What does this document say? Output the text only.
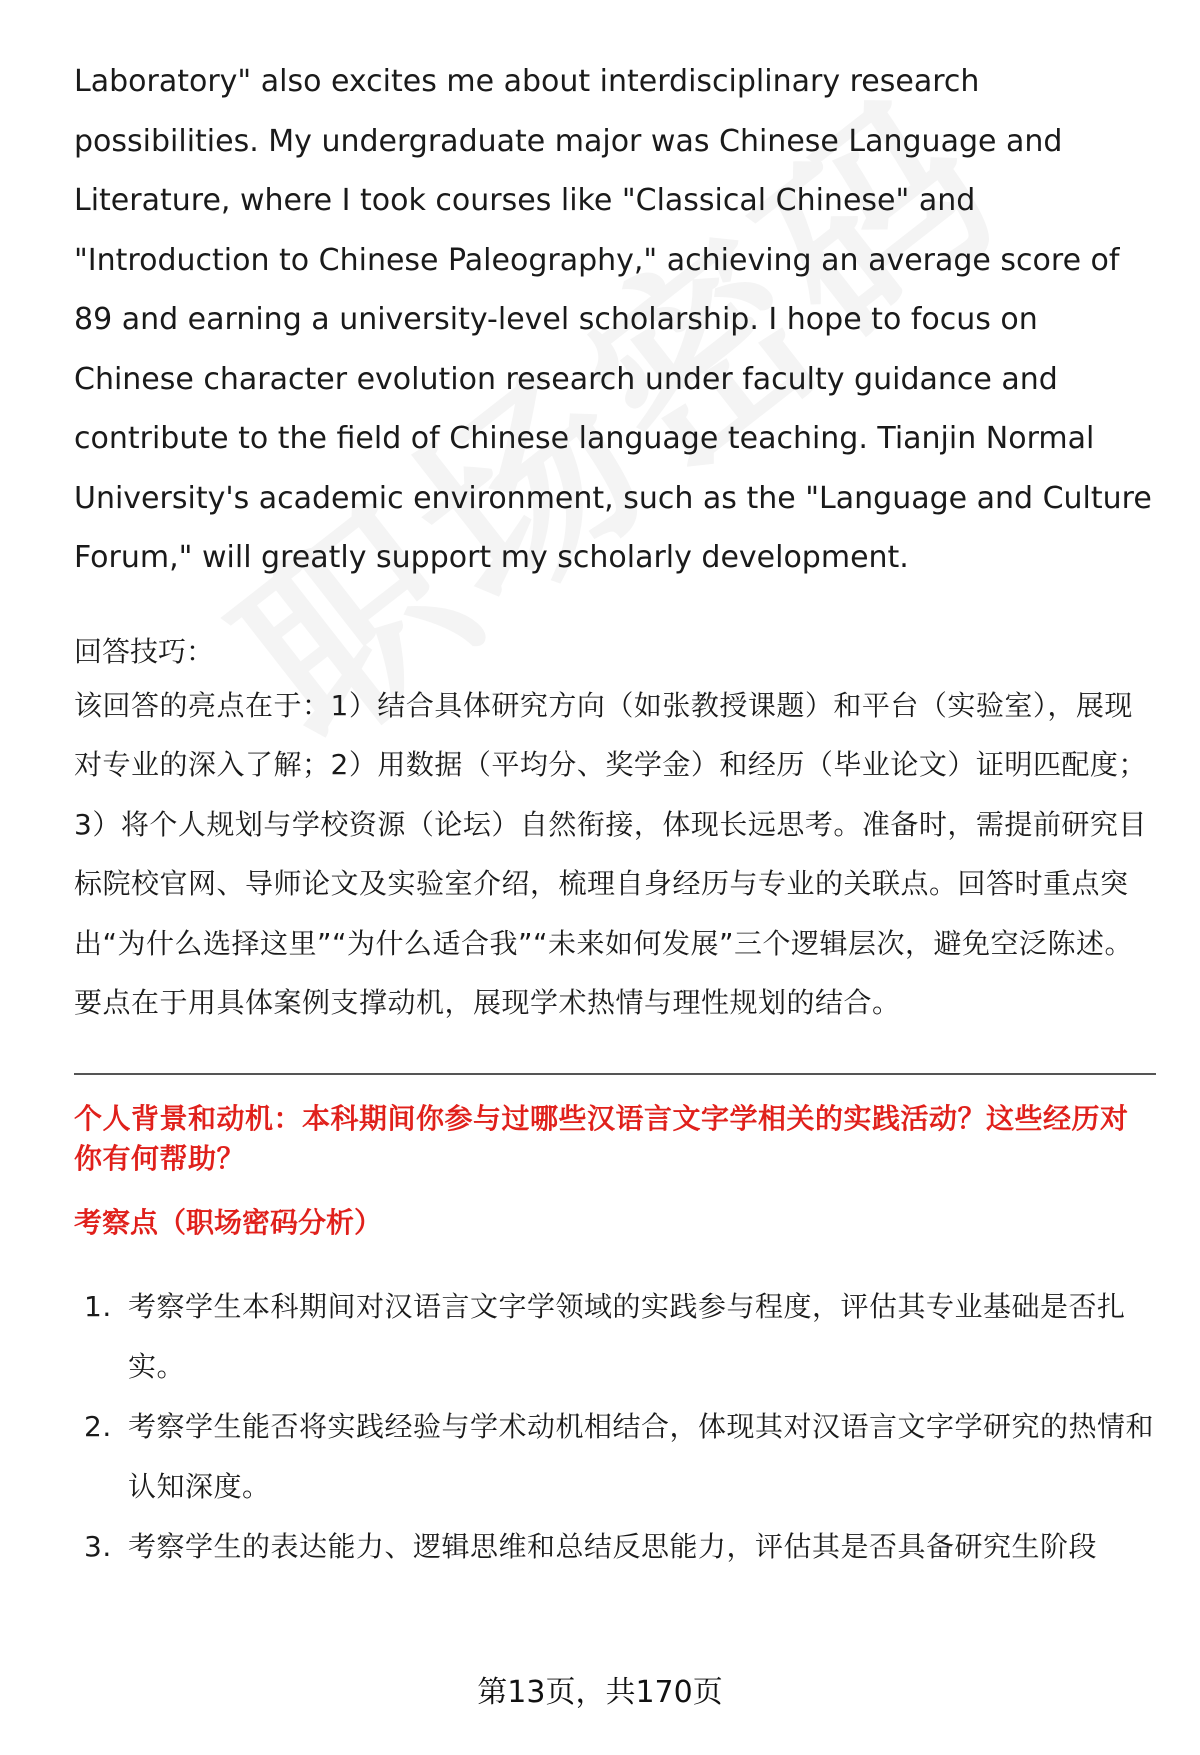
Laboratory" also excites me about interdisciplinary research possibilities. My undergraduate major was Chinese Language and Literature, where I took courses like "Classical Chinese" and "Introduction to Chinese Paleography," achieving an average score of 89 and earning a university-level scholarship. I hope to focus on Chinese character evolution research under faculty guidance and contribute to the field of Chinese language teaching. Tianjin Normal University's academic environment, such as the "Language and Culture Forum," will greatly support my scholarly development.

回答技巧：

该回答的亮点在于：1）结合具体研究方向（如张教授课题）和平台（实验室），展现对专业的深入了解；2）用数据（平均分、奖学金）和经历（毕业论文）证明匹配度；3）将个人规划与学校资源（论坛）自然衔接，体现长远思考。准备时，需提前研究目标院校官网、导师论文及实验室介绍，梳理自身经历与专业的关联点。回答时重点突出“为什么选择这里”“为什么适合我”“未来如何发展”三个逻辑层次，避免空泛陈述。要点在于用具体案例支撑动机，展现学术热情与理性规划的结合。

个人背景和动机：本科期间你参与过哪些汉语言文字学相关的实践活动？这些经历对你有何帮助？

考察点（职场密码分析）

1. 考察学生本科期间对汉语言文字学领域的实践参与程度，评估其专业基础是否扎实。
2. 考察学生能否将实践经验与学术动机相结合，体现其对汉语言文字学研究的热情和认知深度。
3. 考察学生的表达能力、逻辑思维和总结反思能力，评估其是否具备研究生阶段
第13页，共170页
